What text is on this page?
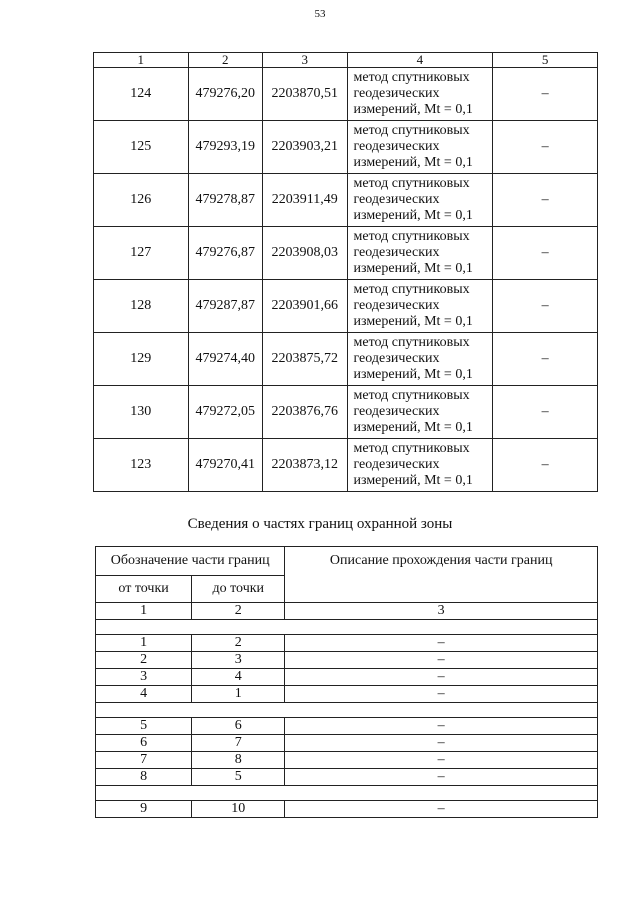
53
1	2	3	4	5
124	479276,20	2203870,51	метод спутниковых
геодезических
измерений, Mt = 0,1	–
125	479293,19	2203903,21	метод спутниковых
геодезических
измерений, Mt = 0,1	–
126	479278,87	2203911,49	метод спутниковых
геодезических
измерений, Mt = 0,1	–
127	479276,87	2203908,03	метод спутниковых
геодезических
измерений, Mt = 0,1	–
128	479287,87	2203901,66	метод спутниковых
геодезических
измерений, Mt = 0,1	–
129	479274,40	2203875,72	метод спутниковых
геодезических
измерений, Mt = 0,1	–
130	479272,05	2203876,76	метод спутниковых
геодезических
измерений, Mt = 0,1	–
123	479270,41	2203873,12	метод спутниковых
геодезических
измерений, Mt = 0,1	–
Сведения о частях границ охранной зоны
Обозначение части границ		Описание прохождения части границ
от точки	до точки	
1	2	3

1	2	–
2	3	–
3	4	–
4	1	–

5	6	–
6	7	–
7	8	–
8	5	–

9	10	–
